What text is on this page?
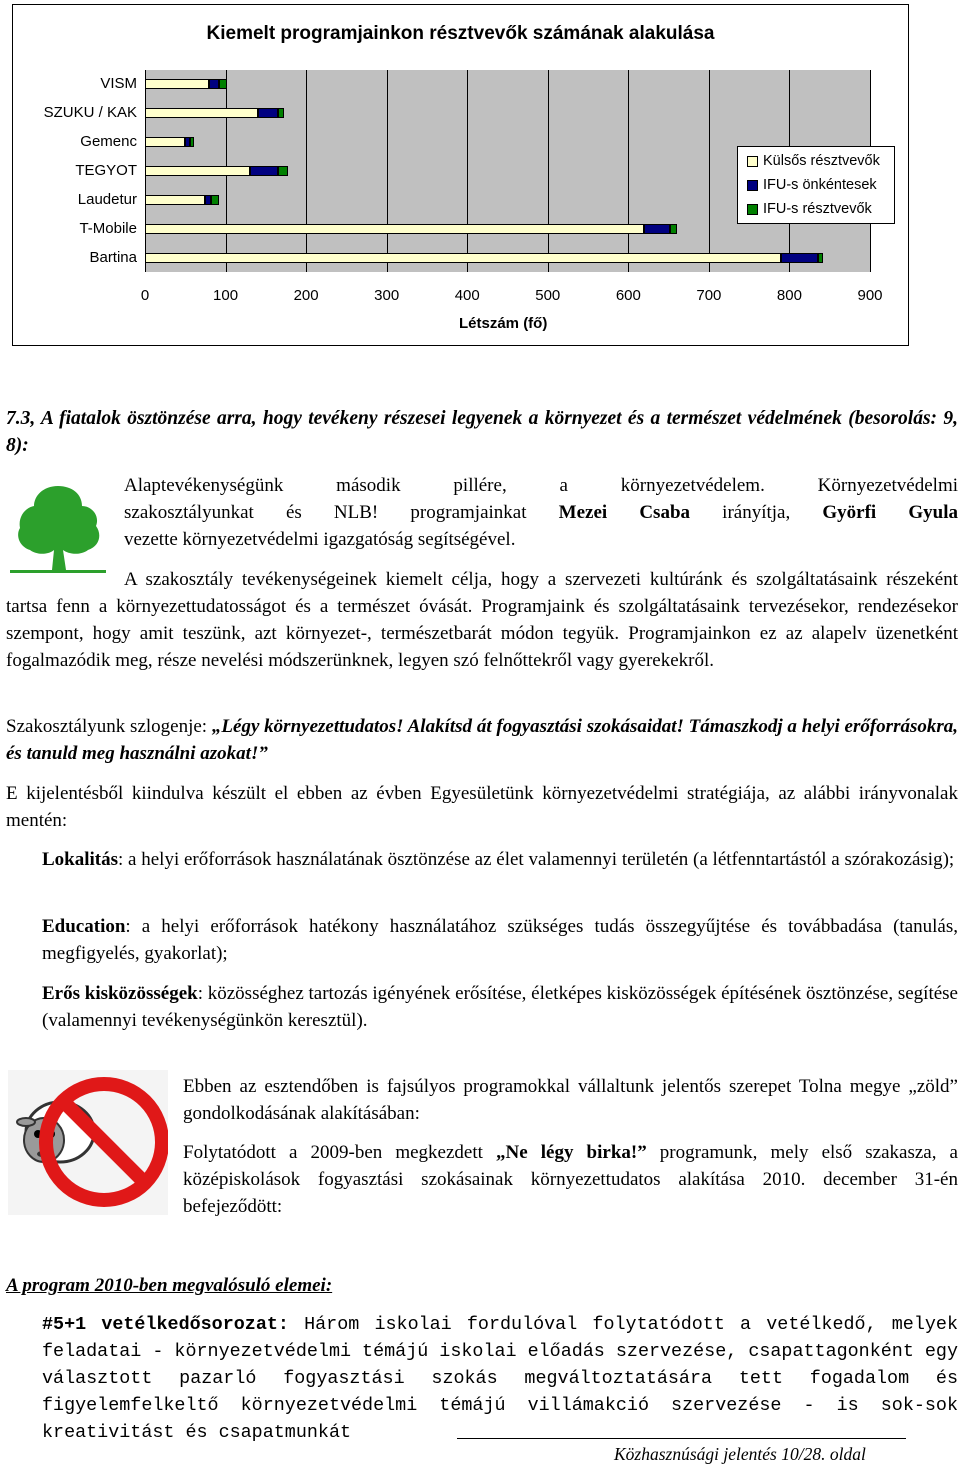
Kiemelt programjainkon résztvevők számának alakulása
Létszám (fő)
Külsős résztvevők
IFU-s önkéntesek
IFU-s résztvevők
VISM
SZUKU / KAK
Gemenc
TEGYOT
Laudetur
T-Mobile
Bartina
0	100	200	300	400	500	600	700	800	900
7.3, A fiatalok ösztönzése arra, hogy tevékeny részesei legyenek a környezet és a természet védelmének (besorolás: 9, 8):
Alaptevékenységünk második pillére, a környezetvédelem. Környezetvédelmi
szakosztályunkat és NLB! programjainkat Mezei Csaba irányítja, Györfi Gyula
vezette környezetvédelmi igazgatóság segítségével.
A szakosztály tevékenységeinek kiemelt célja, hogy a szervezeti kultúránk és szolgáltatásaink részeként tartsa fenn a környezettudatosságot és a természet óvását. Programjaink és szolgáltatásaink tervezésekor, rendezésekor szempont, hogy amit teszünk, azt környezet-, természetbarát módon tegyük. Programjainkon ez az alapelv üzenetként fogalmazódik meg, része nevelési módszerünknek, legyen szó felnőttekről vagy gyerekekről.
Szakosztályunk szlogenje: „Légy környezettudatos! Alakítsd át fogyasztási szokásaidat! Támaszkodj a helyi erőforrásokra, és tanuld meg használni azokat!”
E kijelentésből kiindulva készült el ebben az évben Egyesületünk környezetvédelmi stratégiája, az alábbi irányvonalak mentén:
Lokalitás: a helyi erőforrások használatának ösztönzése az élet valamennyi területén (a létfenntartástól a szórakozásig);
Education: a helyi erőforrások hatékony használatához szükséges tudás összegyűjtése és továbbadása (tanulás, megfigyelés, gyakorlat);
Erős kisközösségek: közösséghez tartozás igényének erősítése, életképes kisközösségek építésének ösztönzése, segítése (valamennyi tevékenységünkön keresztül).
Ebben az esztendőben is fajsúlyos programokkal vállaltunk jelentős szerepet Tolna megye „zöld” gondolkodásának alakításában:
Folytatódott a 2009-ben megkezdett „Ne légy birka!” programunk, mely első szakasza, a középiskolások fogyasztási szokásainak környezettudatos alakítása 2010. december 31-én befejeződött:
A program 2010-ben megvalósuló elemei:
#5+1 vetélkedősorozat: Három iskolai fordulóval folytatódott a vetélkedő, melyek feladatai - környezetvédelmi témájú iskolai előadás szervezése, csapattagonként egy választott pazarló fogyasztási szokás megváltoztatására tett fogadalom és figyelemfelkeltő környezetvédelmi témájú villámakció szervezése - is sok-sok kreativitást és csapatmunkát
Közhasznúsági jelentés 10/28. oldal
